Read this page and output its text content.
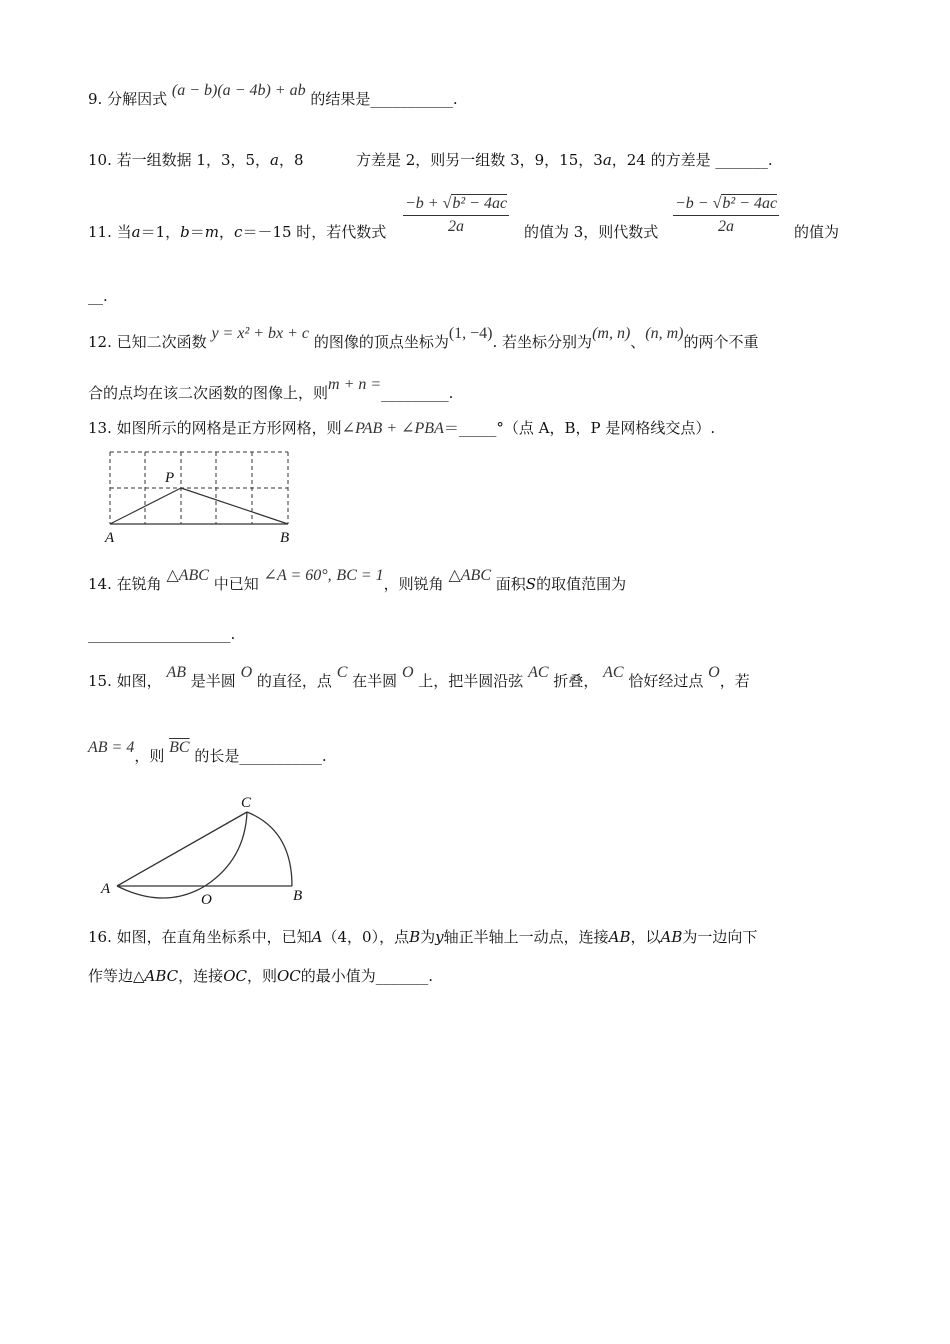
9. 分解因式 (a − b)(a − 4b) + ab 的结果是___________.
10. 若一组数据 1，3，5，a，8	方差是 2，则另一组数 3，9，15，3a，24 的方差是 _______.
11. 当a＝1，b＝m，c＝－15 时，若代数式 $\frac{\text{−b + √b² − 4ac}}{2a}$ 的值为 3，则代数式 $\frac{\text{−b − √b² − 4ac}}{2a}$ 的值为
__.
12. 已知二次函数 y = x² + bx + c 的图像的顶点坐标为(1, −4). 若坐标分别为(m, n)、(n, m)的两个不重
合的点均在该二次函数的图像上，则m + n =_________.
13. 如图所示的网格是正方形网格，则∠PAB + ∠PBA＝_____°（点 A，B，P 是网格线交点）.
A	B
P
14. 在锐角 △ABC 中已知 ∠A = 60°, BC = 1，则锐角 △ABC 面积S的取值范围为
___________________.
15. 如图， AB 是半圆 O 的直径，点 C 在半圆 O 上，把半圆沿弦 AC 折叠， AC 恰好经过点 O，若
AB = 4，则 $\overline{BC}$ 的长是___________.
A	B
C
O
16. 如图，在直角坐标系中，已知A（4，0），点B为y轴正半轴上一动点，连接AB，以AB为一边向下
作等边△ABC，连接OC，则OC的最小值为_______.
